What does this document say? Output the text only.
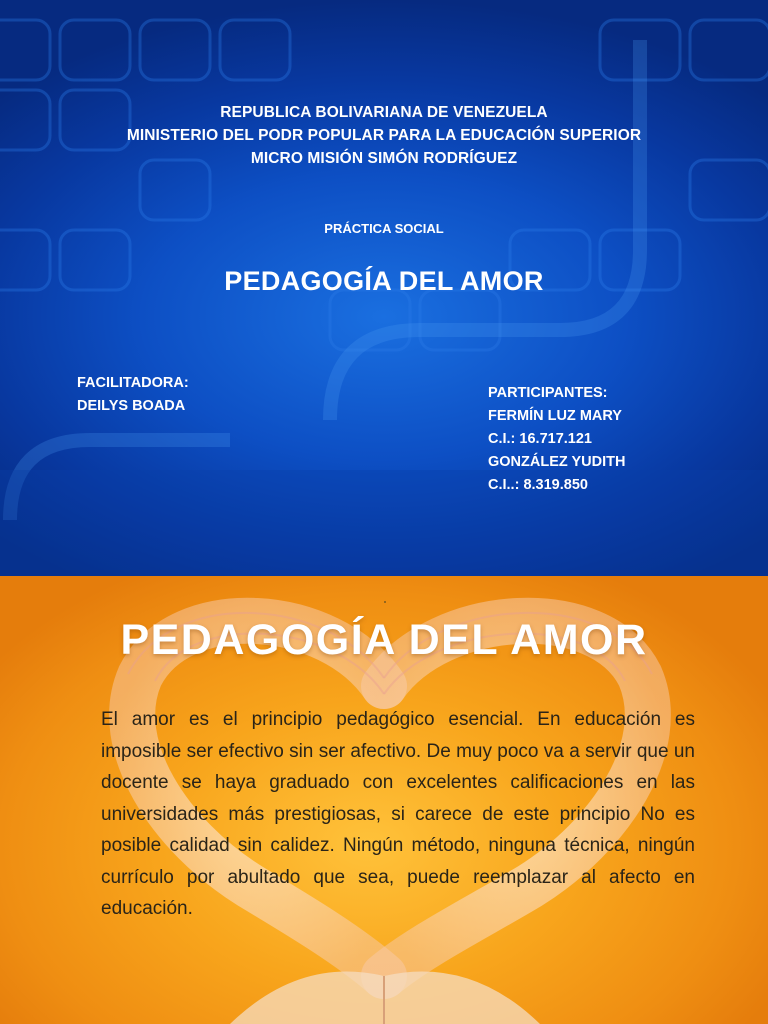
REPUBLICA BOLIVARIANA DE VENEZUELA
MINISTERIO DEL PODR POPULAR PARA LA EDUCACIÓN SUPERIOR
MICRO MISIÓN SIMÓN RODRÍGUEZ
PRÁCTICA SOCIAL
PEDAGOGÍA DEL AMOR
FACILITADORA:
DEILYS BOADA
PARTICIPANTES:
FERMÍN LUZ MARY
C.I.: 16.717.121
GONZÁLEZ YUDITH
C.I..: 8.319.850
PEDAGOGÍA DEL AMOR
El amor es el principio pedagógico esencial. En educación es imposible ser efectivo sin ser afectivo. De muy poco va a servir que un docente se haya graduado con excelentes calificaciones en las universidades más prestigiosas, si carece de este principio No es posible calidad sin calidez. Ningún método, ninguna técnica, ningún currículo por abultado que sea, puede reemplazar al afecto en educación.
